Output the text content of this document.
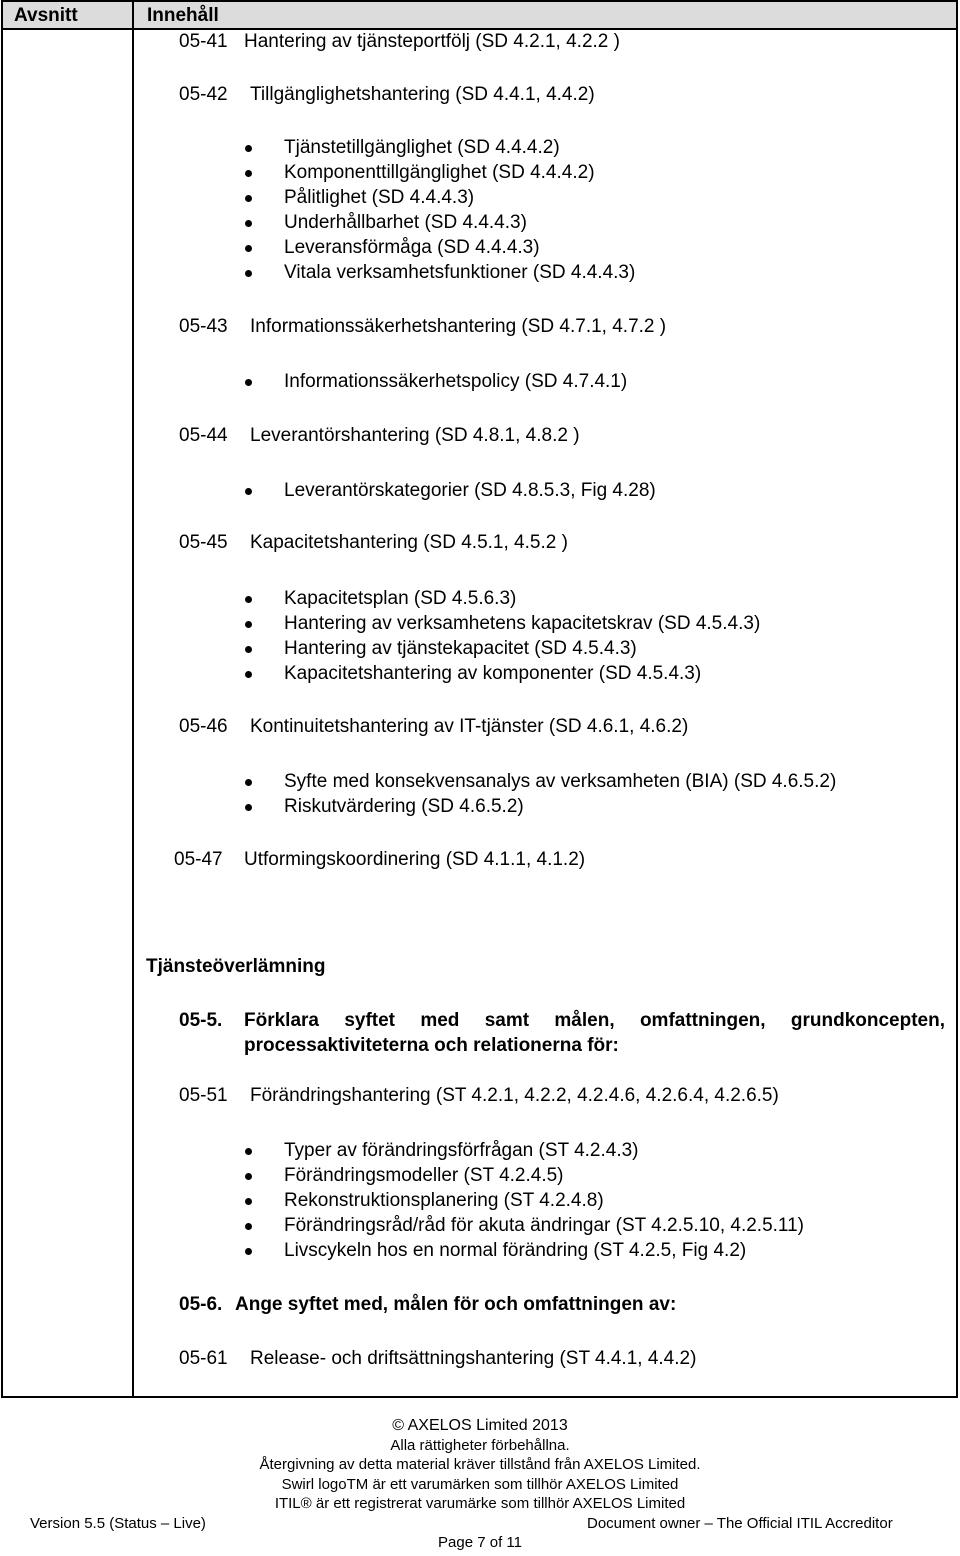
Avsnitt	Innehåll
05-41 Hantering av tjänsteportfölj (SD 4.2.1, 4.2.2 )
05-42 Tillgänglighetshantering (SD 4.4.1, 4.4.2)
Tjänstetillgänglighet (SD 4.4.4.2)
Komponenttillgänglighet (SD 4.4.4.2)
Pålitlighet (SD 4.4.4.3)
Underhållbarhet (SD 4.4.4.3)
Leveransförmåga (SD 4.4.4.3)
Vitala verksamhetsfunktioner (SD 4.4.4.3)
05-43 Informationssäkerhetshantering (SD 4.7.1, 4.7.2 )
Informationssäkerhetspolicy (SD 4.7.4.1)
05-44 Leverantörshantering (SD 4.8.1, 4.8.2 )
Leverantörskategorier (SD 4.8.5.3, Fig 4.28)
05-45 Kapacitetshantering (SD 4.5.1, 4.5.2 )
Kapacitetsplan (SD 4.5.6.3)
Hantering av verksamhetens kapacitetskrav (SD 4.5.4.3)
Hantering av tjänstekapacitet (SD 4.5.4.3)
Kapacitetshantering av komponenter (SD 4.5.4.3)
05-46 Kontinuitetshantering av IT-tjänster (SD 4.6.1, 4.6.2)
Syfte med konsekvensanalys av verksamheten (BIA) (SD 4.6.5.2)
Riskutvärdering (SD 4.6.5.2)
05-47 Utformingskoordinering (SD 4.1.1, 4.1.2)
Tjänsteöverlämning
05-5. Förklara syftet med samt målen, omfattningen, grundkoncepten, processaktiviteterna och relationerna för:
05-51 Förändringshantering (ST 4.2.1, 4.2.2, 4.2.4.6, 4.2.6.4, 4.2.6.5)
Typer av förändringsförfrågan (ST 4.2.4.3)
Förändringsmodeller (ST 4.2.4.5)
Rekonstruktionsplanering (ST 4.2.4.8)
Förändringsråd/råd för akuta ändringar (ST 4.2.5.10, 4.2.5.11)
Livscykeln hos en normal förändring (ST 4.2.5, Fig 4.2)
05-6. Ange syftet med, målen för och omfattningen av:
05-61 Release- och driftsättningshantering (ST 4.4.1, 4.4.2)
© AXELOS Limited 2013
Alla rättigheter förbehållna.
Återgivning av detta material kräver tillstånd från AXELOS Limited.
Swirl logoTM är ett varumärken som tillhör AXELOS Limited
ITIL® är ett registrerat varumärke som tillhör AXELOS Limited
Version 5.5 (Status – Live)	Document owner – The Official ITIL Accreditor
Page 7 of 11
